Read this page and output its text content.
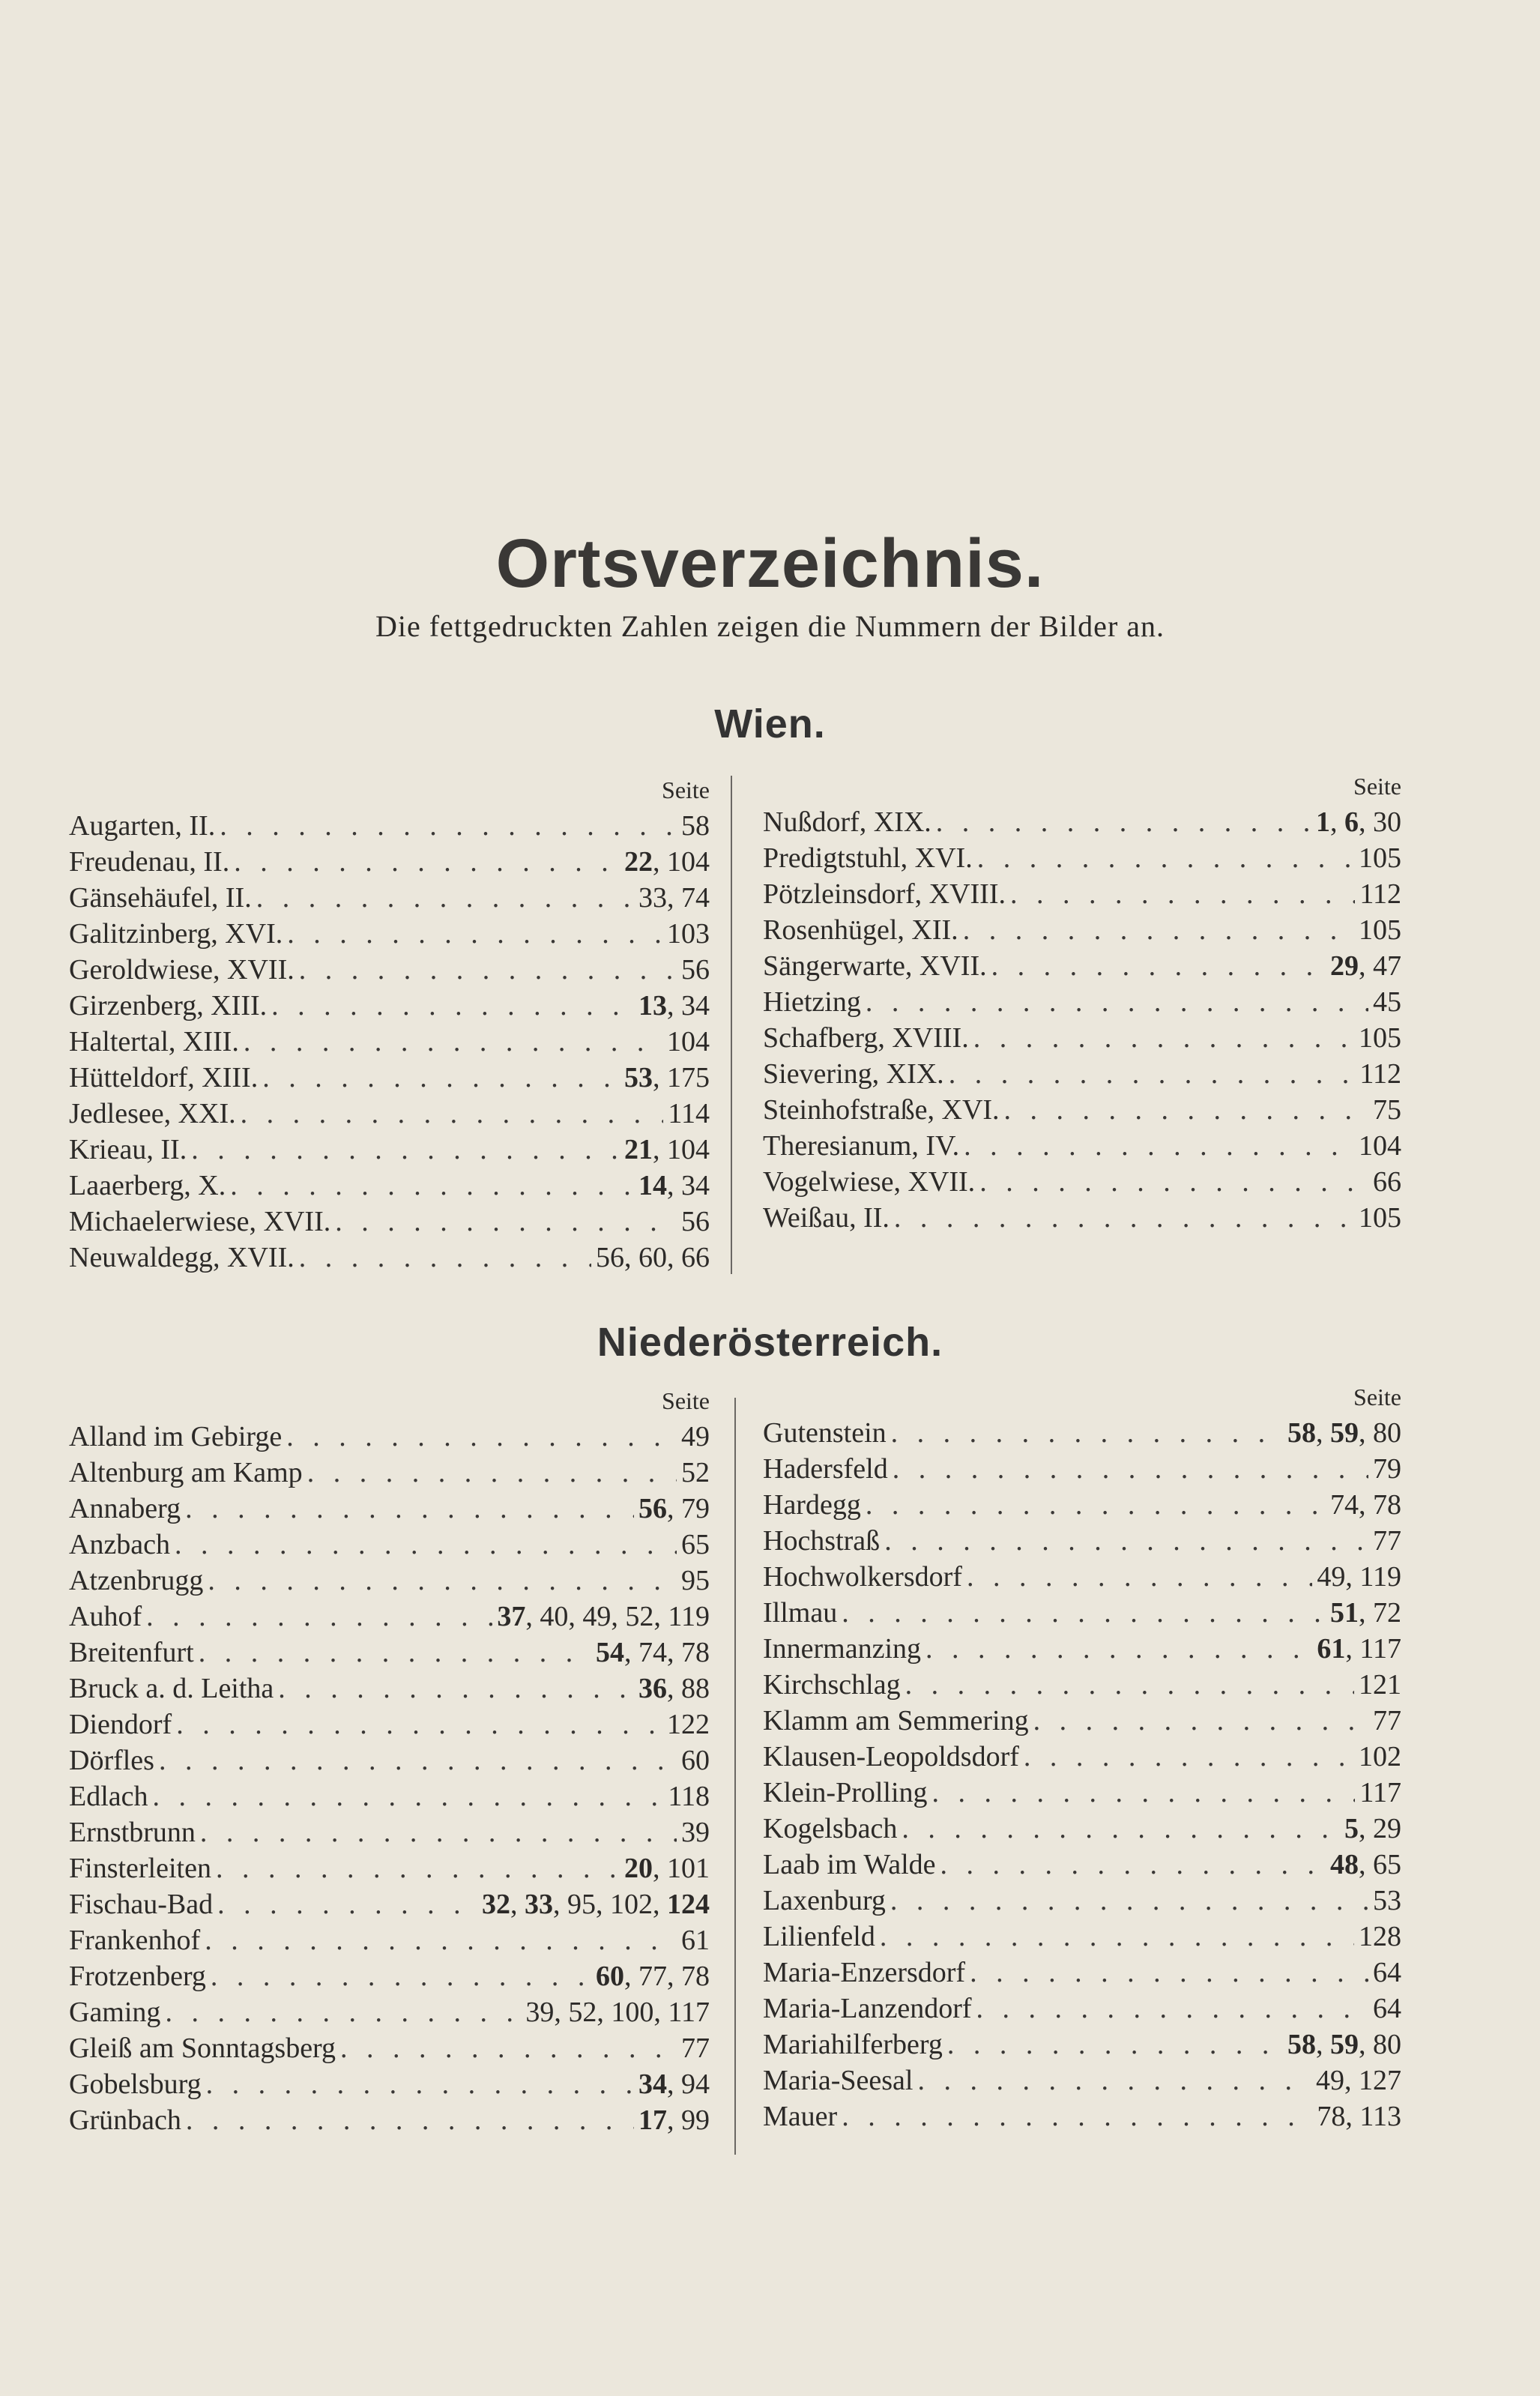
Ortsverzeichnis.
Die fettgedruckten Zahlen zeigen die Nummern der Bilder an.
Wien.
Seite
Augarten, II. . . .	58
Freudenau, II. . . .	22, 104
Gänsehäufel, II. . . .	33, 74
Galitzinberg, XVI. . . .	103
Geroldwiese, XVII. . . .	56
Girzenberg, XIII. . . .	13, 34
Haltertal, XIII. . . .	104
Hütteldorf, XIII. . . .	53, 175
Jedlesee, XXI. . . .	114
Krieau, II. . . .	21, 104
Laaerberg, X. . . .	14, 34
Michaelerwiese, XVII. . . .	56
Neuwaldegg, XVII. . . .	56, 60, 66
Seite
Nußdorf, XIX. . . .	1, 6, 30
Predigtstuhl, XVI. . . .	105
Pötzleinsdorf, XVIII. . . .	112
Rosenhügel, XII. . . .	105
Sängerwarte, XVII. . . .	29, 47
Hietzing . . .	45
Schafberg, XVIII. . . .	105
Sievering, XIX. . . .	112
Steinhofstraße, XVI. . . .	75
Theresianum, IV. . . .	104
Vogelwiese, XVII. . . .	66
Weißau, II. . . .	105
Niederösterreich.
Seite
Alland im Gebirge . . .	49
Altenburg am Kamp . . .	52
Annaberg . . .	56, 79
Anzbach . . .	65
Atzenbrugg . . .	95
Auhof . . .	37, 40, 49, 52, 119
Breitenfurt . . .	54, 74, 78
Bruck a. d. Leitha . . .	36, 88
Diendorf . . .	122
Dörfles . . .	60
Edlach . . .	118
Ernstbrunn . . .	39
Finsterleiten . . .	20, 101
Fischau-Bad . . .	32, 33, 95, 102, 124
Frankenhof . . .	61
Frotzenberg . . .	60, 77, 78
Gaming . . .	39, 52, 100, 117
Gleiß am Sonntagsberg . . .	77
Gobelsburg . . .	34, 94
Grünbach . . .	17, 99
Seite
Gutenstein . . .	58, 59, 80
Hadersfeld . . .	79
Hardegg . . .	74, 78
Hochstraß . . .	77
Hochwolkersdorf . . .	49, 119
Illmau . . .	51, 72
Innermanzing . . .	61, 117
Kirchschlag . . .	121
Klamm am Semmering . . .	77
Klausen-Leopoldsdorf . . .	102
Klein-Prolling . . .	117
Kogelsbach . . .	5, 29
Laab im Walde . . .	48, 65
Laxenburg . . .	53
Lilienfeld . . .	128
Maria-Enzersdorf . . .	64
Maria-Lanzendorf . . .	64
Mariahilferberg . . .	58, 59, 80
Maria-Seesal . . .	49, 127
Mauer . . .	78, 113
